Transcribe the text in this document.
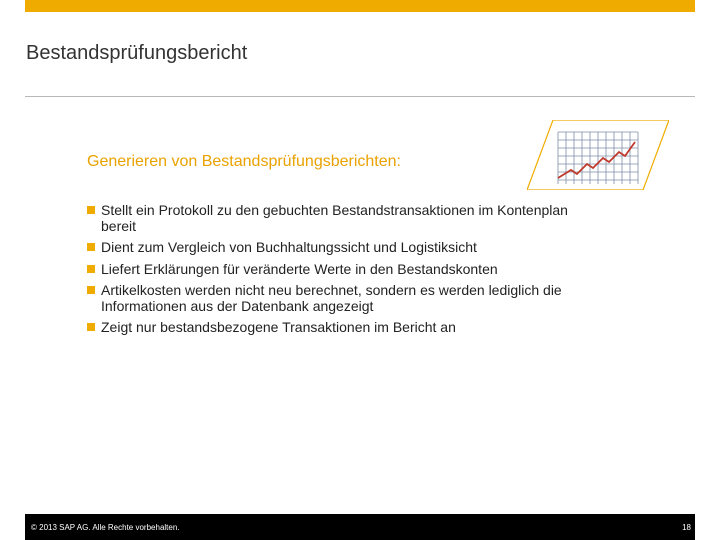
Bestandsprüfungsbericht
Generieren von Bestandsprüfungsberichten:
Stellt ein Protokoll zu den gebuchten Bestandstransaktionen im Kontenplan bereit
Dient zum Vergleich von Buchhaltungssicht und Logistiksicht
Liefert Erklärungen für veränderte Werte in den Bestandskonten
Artikelkosten werden nicht neu berechnet, sondern es werden lediglich die Informationen aus der Datenbank angezeigt
Zeigt nur bestandsbezogene Transaktionen im Bericht an
© 2013 SAP AG. Alle Rechte vorbehalten.	18
